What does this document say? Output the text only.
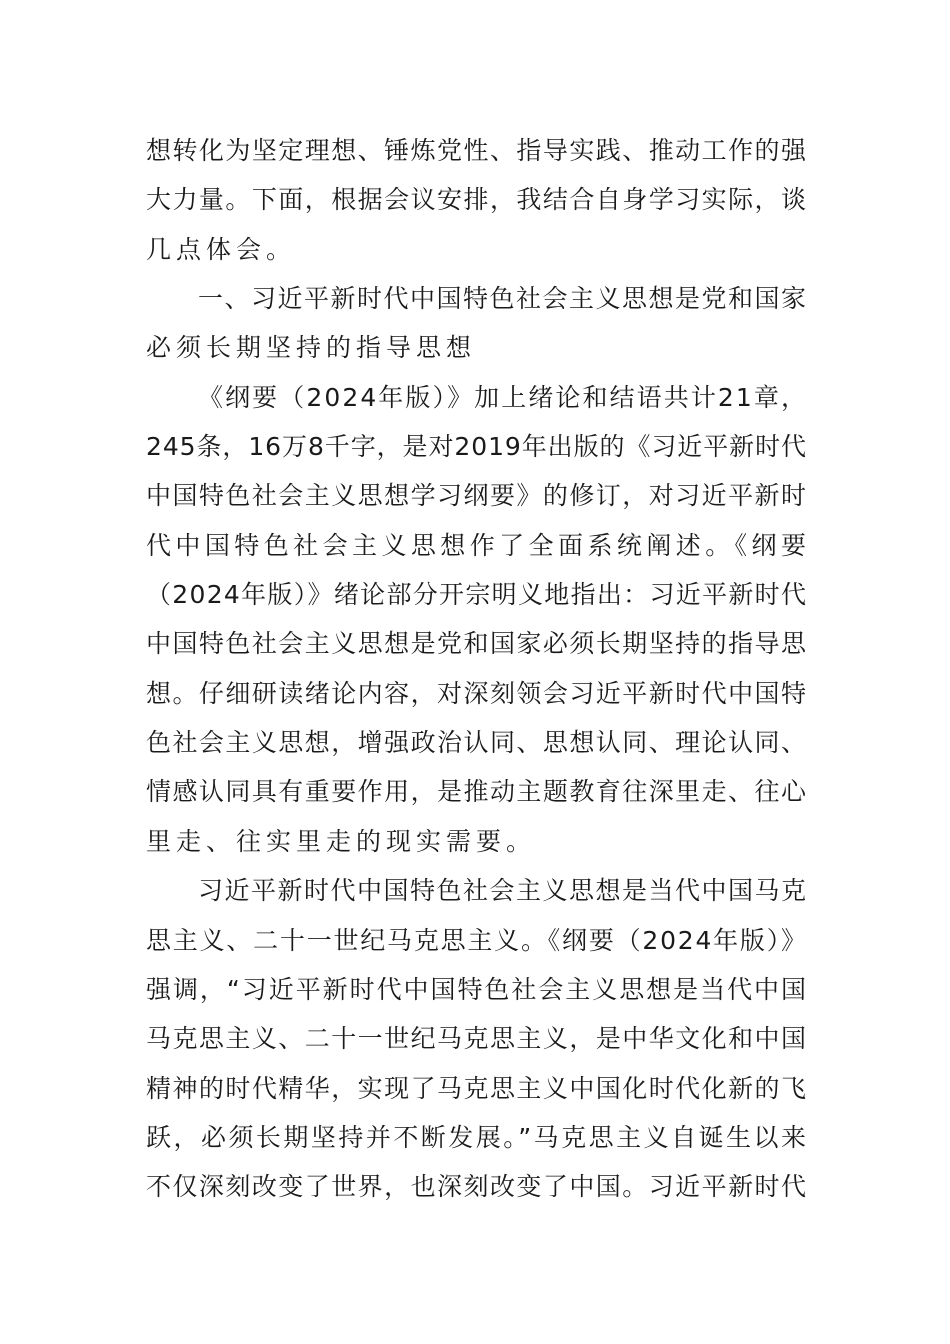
想转化为坚定理想、锤炼党性、指导实践、推动工作的强
大力量。下面，根据会议安排，我结合自身学习实际，谈
几点体会。
一、习近平新时代中国特色社会主义思想是党和国家
必须长期坚持的指导思想
《纲要（2024年版）》加上绪论和结语共计21章，
245条，16万8千字，是对2019年出版的《习近平新时代
中国特色社会主义思想学习纲要》的修订，对习近平新时
代中国特色社会主义思想作了全面系统阐述。《纲要
（2024年版）》绪论部分开宗明义地指出：习近平新时代
中国特色社会主义思想是党和国家必须长期坚持的指导思
想。仔细研读绪论内容，对深刻领会习近平新时代中国特
色社会主义思想，增强政治认同、思想认同、理论认同、
情感认同具有重要作用，是推动主题教育往深里走、往心
里走、往实里走的现实需要。
习近平新时代中国特色社会主义思想是当代中国马克
思主义、二十一世纪马克思主义。《纲要（2024年版）》
强调，“习近平新时代中国特色社会主义思想是当代中国
马克思主义、二十一世纪马克思主义，是中华文化和中国
精神的时代精华，实现了马克思主义中国化时代化新的飞
跃，必须长期坚持并不断发展。”马克思主义自诞生以来
不仅深刻改变了世界，也深刻改变了中国。习近平新时代
